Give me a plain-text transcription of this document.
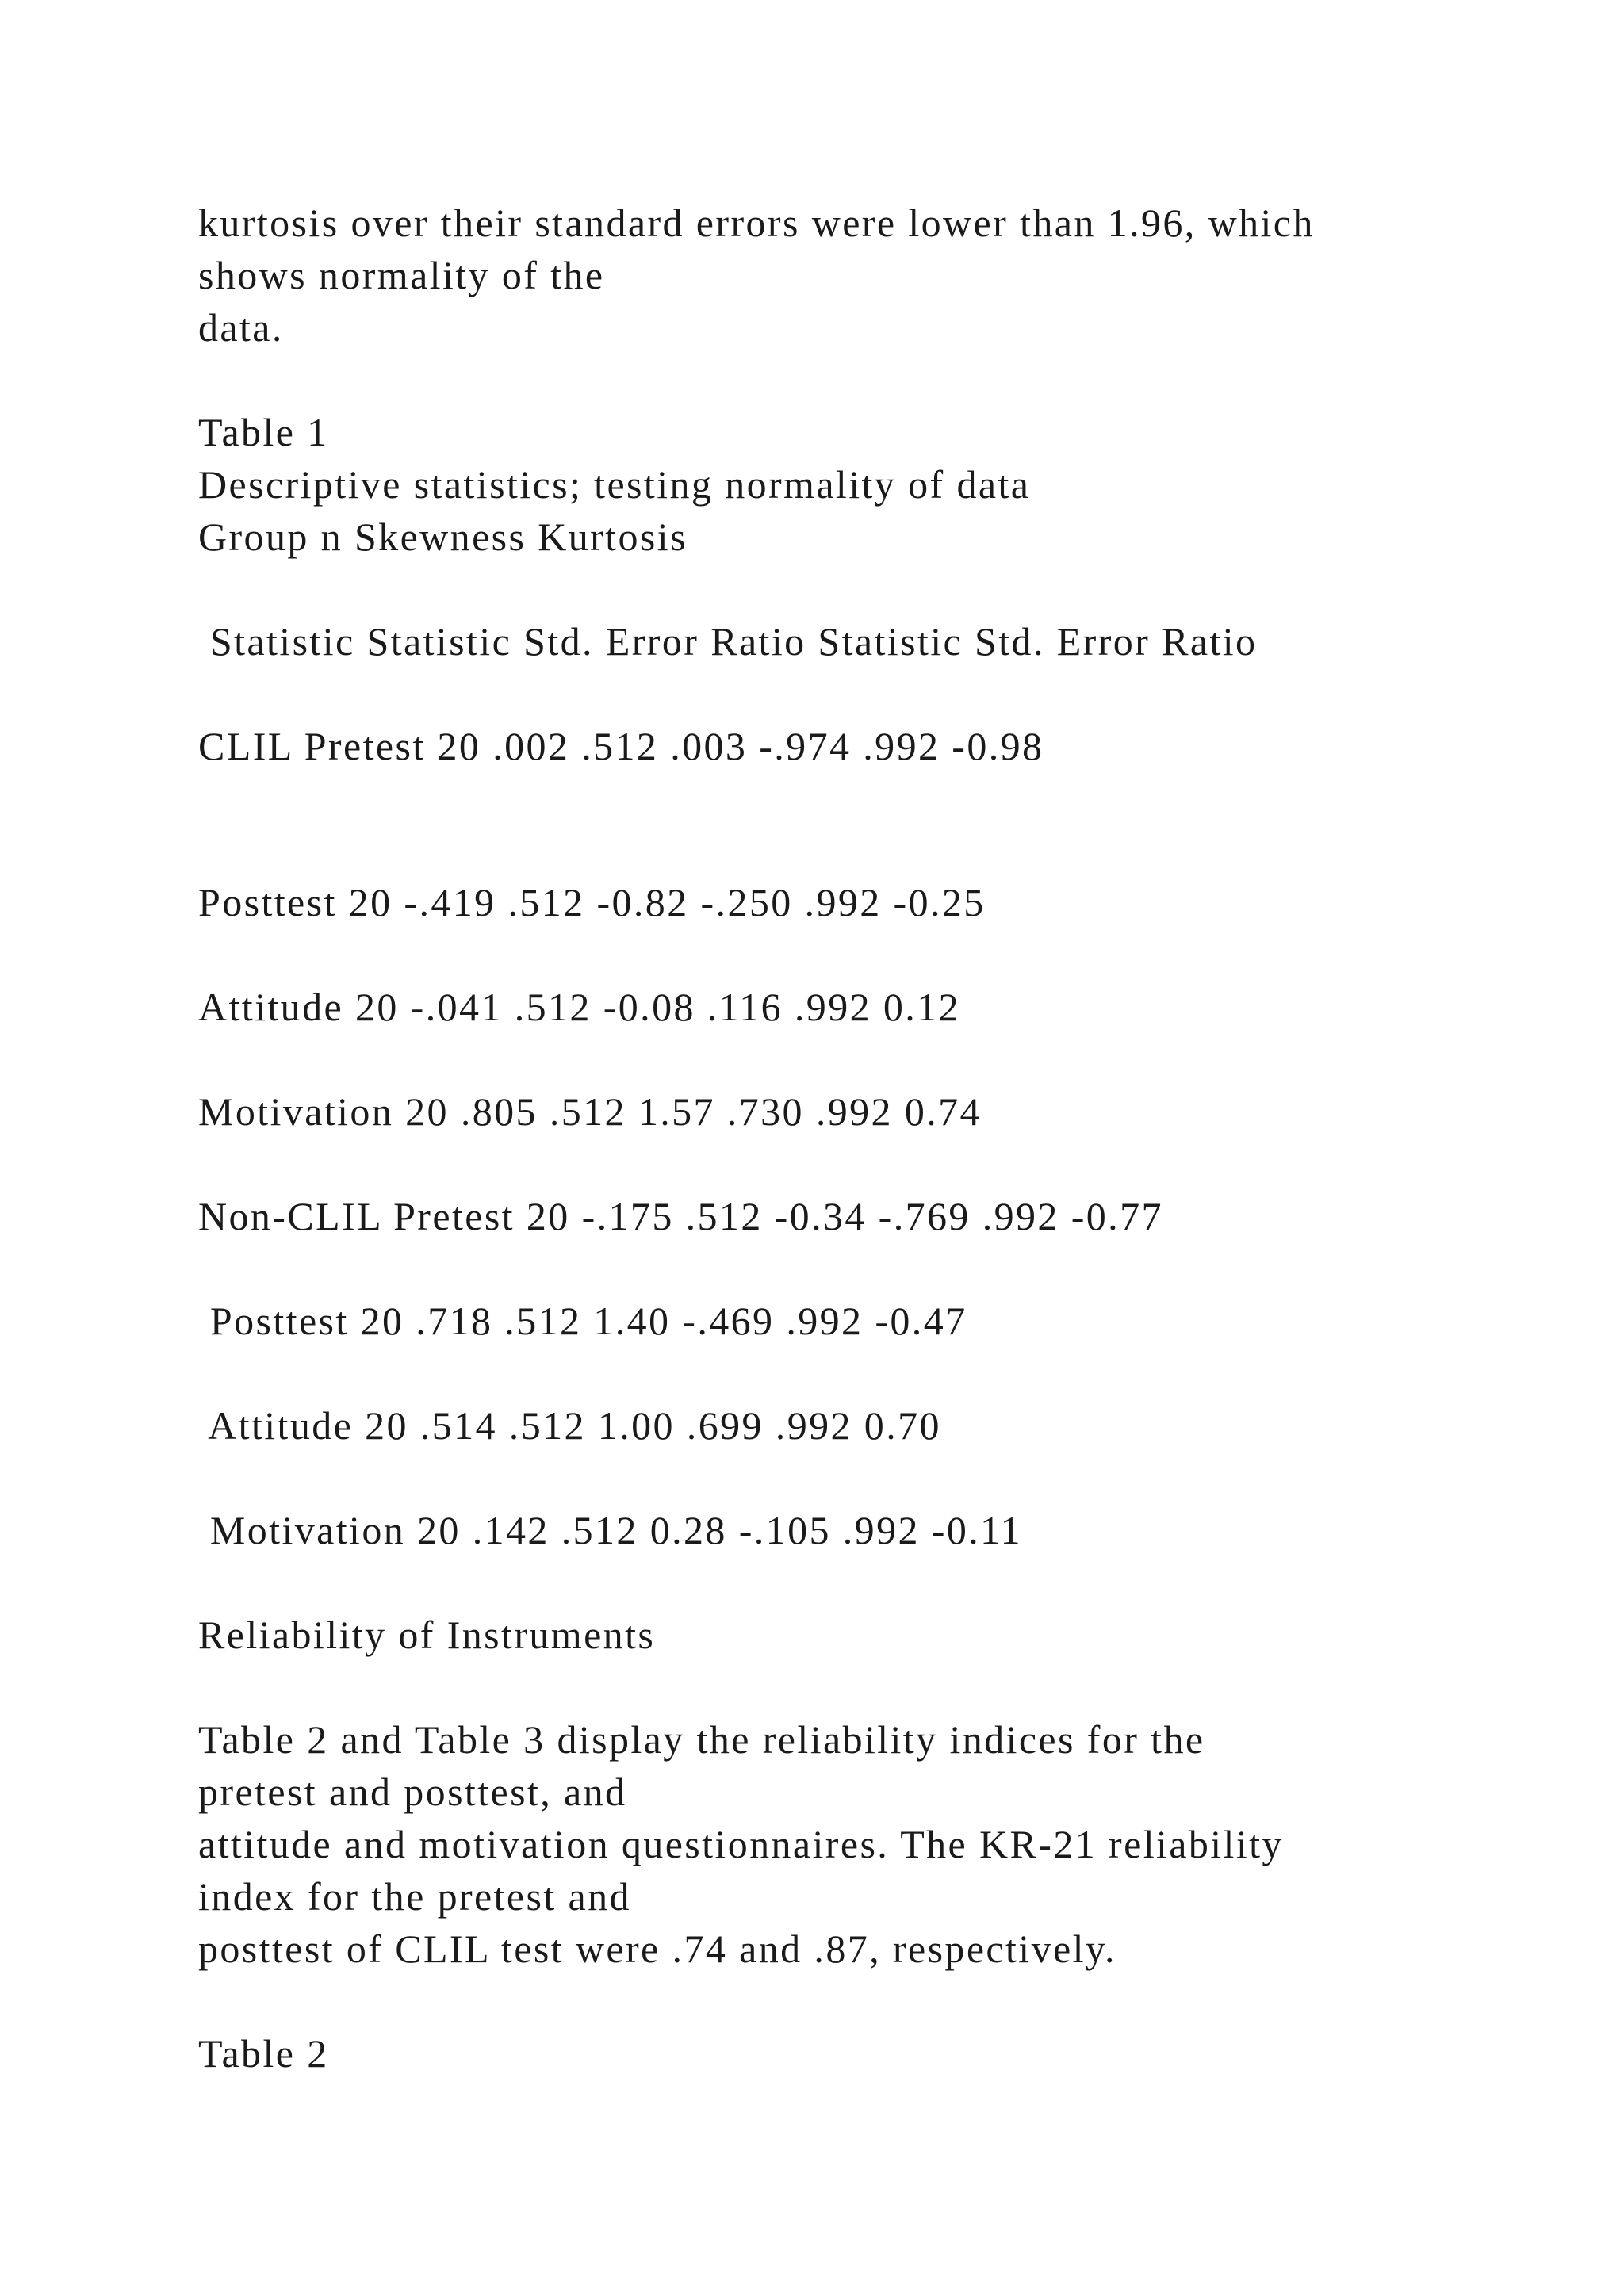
kurtosis over their standard errors were lower than 1.96, which

shows normality of the

data.

Table 1

Descriptive statistics; testing normality of data

Group n Skewness Kurtosis

Statistic Statistic Std. Error Ratio Statistic Std. Error Ratio

CLIL Pretest 20 .002 .512 .003 -.974 .992 -0.98

Posttest 20 -.419 .512 -0.82 -.250 .992 -0.25

Attitude 20 -.041 .512 -0.08 .116 .992 0.12

Motivation 20 .805 .512 1.57 .730 .992 0.74

Non-CLIL Pretest 20 -.175 .512 -0.34 -.769 .992 -0.77

Posttest 20 .718 .512 1.40 -.469 .992 -0.47

Attitude 20 .514 .512 1.00 .699 .992 0.70

Motivation 20 .142 .512 0.28 -.105 .992 -0.11

Reliability of Instruments

Table 2 and Table 3 display the reliability indices for the

pretest and posttest, and

attitude and motivation questionnaires. The KR-21 reliability

index for the pretest and

posttest of CLIL test were .74 and .87, respectively.

Table 2
